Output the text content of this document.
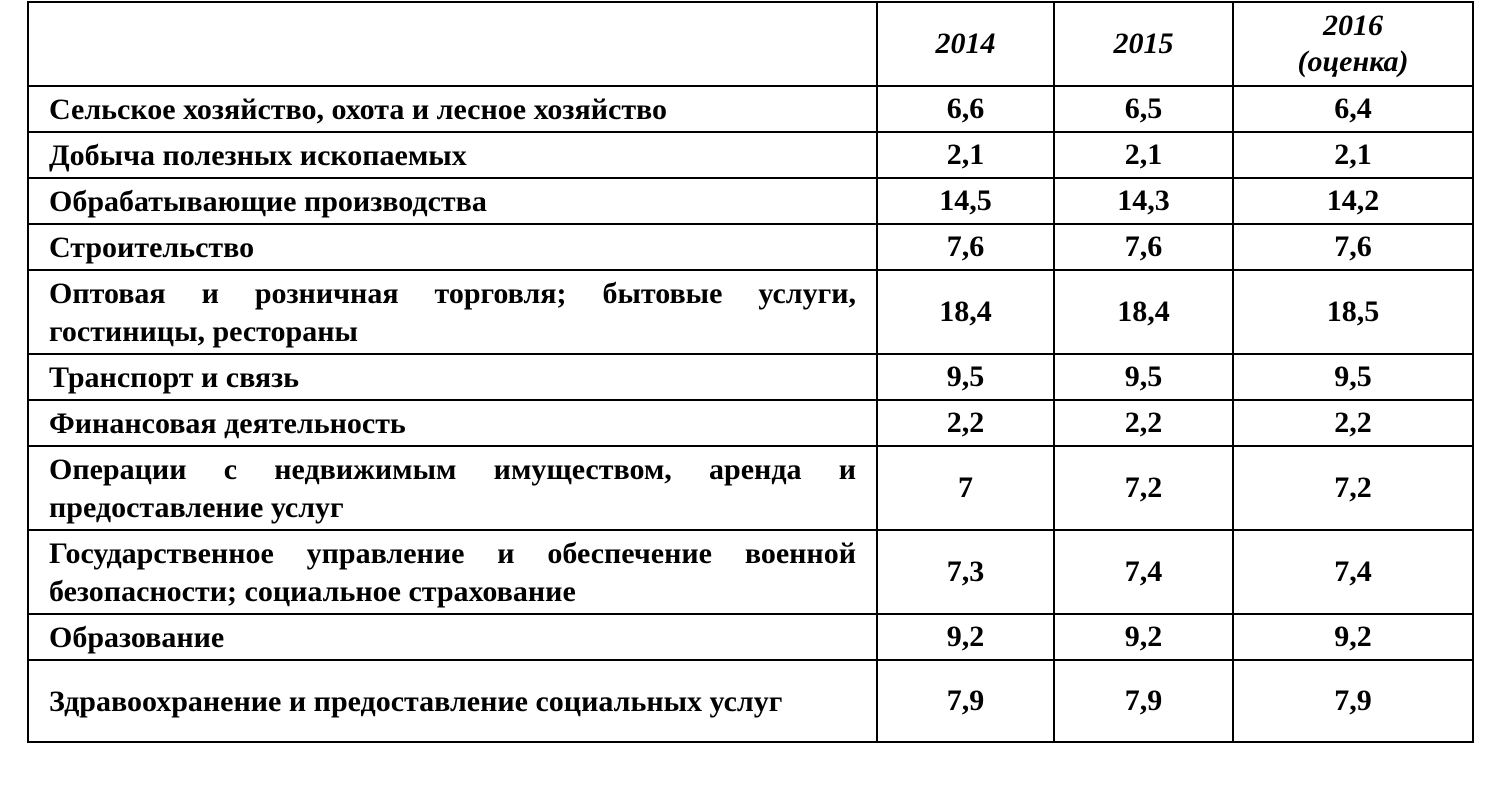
	2014	2015	2016
(оценка)
Сельское хозяйство, охота и лесное хозяйство	6,6	6,5	6,4
Добыча полезных ископаемых	2,1	2,1	2,1
Обрабатывающие производства	14,5	14,3	14,2
Строительство	7,6	7,6	7,6
Оптовая и розничная торговля; бытовые услуги, гостиницы, рестораны	18,4	18,4	18,5
Транспорт и связь	9,5	9,5	9,5
Финансовая деятельность	2,2	2,2	2,2
Операции с недвижимым имуществом, аренда и предоставление услуг	7	7,2	7,2
Государственное управление и обеспечение военной безопасности; социальное страхование	7,3	7,4	7,4
Образование	9,2	9,2	9,2
Здравоохранение и предоставление социальных услуг	7,9	7,9	7,9
